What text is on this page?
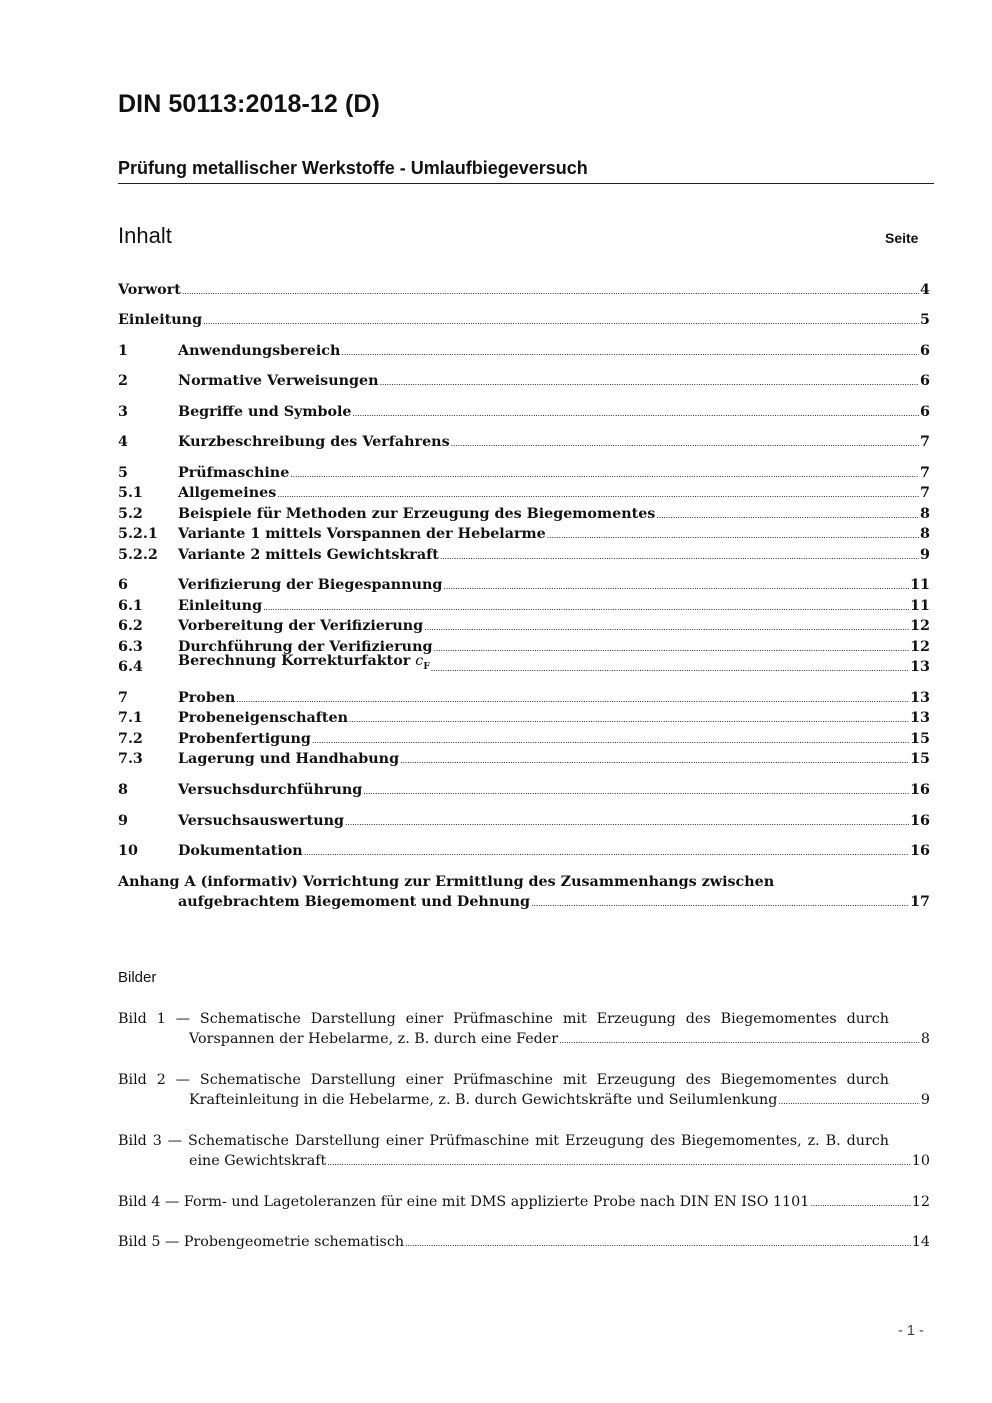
DIN 50113:2018-12 (D)
Prüfung metallischer Werkstoffe - Umlaufbiegeversuch
Inhalt	Seite
Vorwort .....	4
Einleitung .....	5
1	Anwendungsbereich .....	6
2	Normative Verweisungen .....	6
3	Begriffe und Symbole .....	6
4	Kurzbeschreibung des Verfahrens .....	7
5	Prüfmaschine .....	7
5.1	Allgemeines .....	7
5.2	Beispiele für Methoden zur Erzeugung des Biegemomentes .....	8
5.2.1	Variante 1 mittels Vorspannen der Hebelarme .....	8
5.2.2	Variante 2 mittels Gewichtskraft .....	9
6	Verifizierung der Biegespannung .....	11
6.1	Einleitung .....	11
6.2	Vorbereitung der Verifizierung .....	12
6.3	Durchführung der Verifizierung .....	12
6.4	Berechnung Korrekturfaktor $c_F$ .....	13
7	Proben .....	13
7.1	Probeneigenschaften .....	13
7.2	Probenfertigung .....	15
7.3	Lagerung und Handhabung .....	15
8	Versuchsdurchführung .....	16
9	Versuchsauswertung .....	16
10	Dokumentation .....	16
Anhang A (informativ) Vorrichtung zur Ermittlung des Zusammenhangs zwischen
aufgebrachtem Biegemoment und Dehnung .....	17
Bilder
Bild 1 — Schematische Darstellung einer Prüfmaschine mit Erzeugung des Biegemomentes durch
Vorspannen der Hebelarme, z. B. durch eine Feder .....	8
Bild 2 — Schematische Darstellung einer Prüfmaschine mit Erzeugung des Biegemomentes durch
Krafteinleitung in die Hebelarme, z. B. durch Gewichtskräfte und Seilumlenkung .....	9
Bild 3 — Schematische Darstellung einer Prüfmaschine mit Erzeugung des Biegemomentes, z. B. durch
eine Gewichtskraft .....	10
Bild 4 — Form- und Lagetoleranzen für eine mit DMS applizierte Probe nach DIN EN ISO 1101 .....	12
Bild 5 — Probengeometrie schematisch .....	14
- 1 -
